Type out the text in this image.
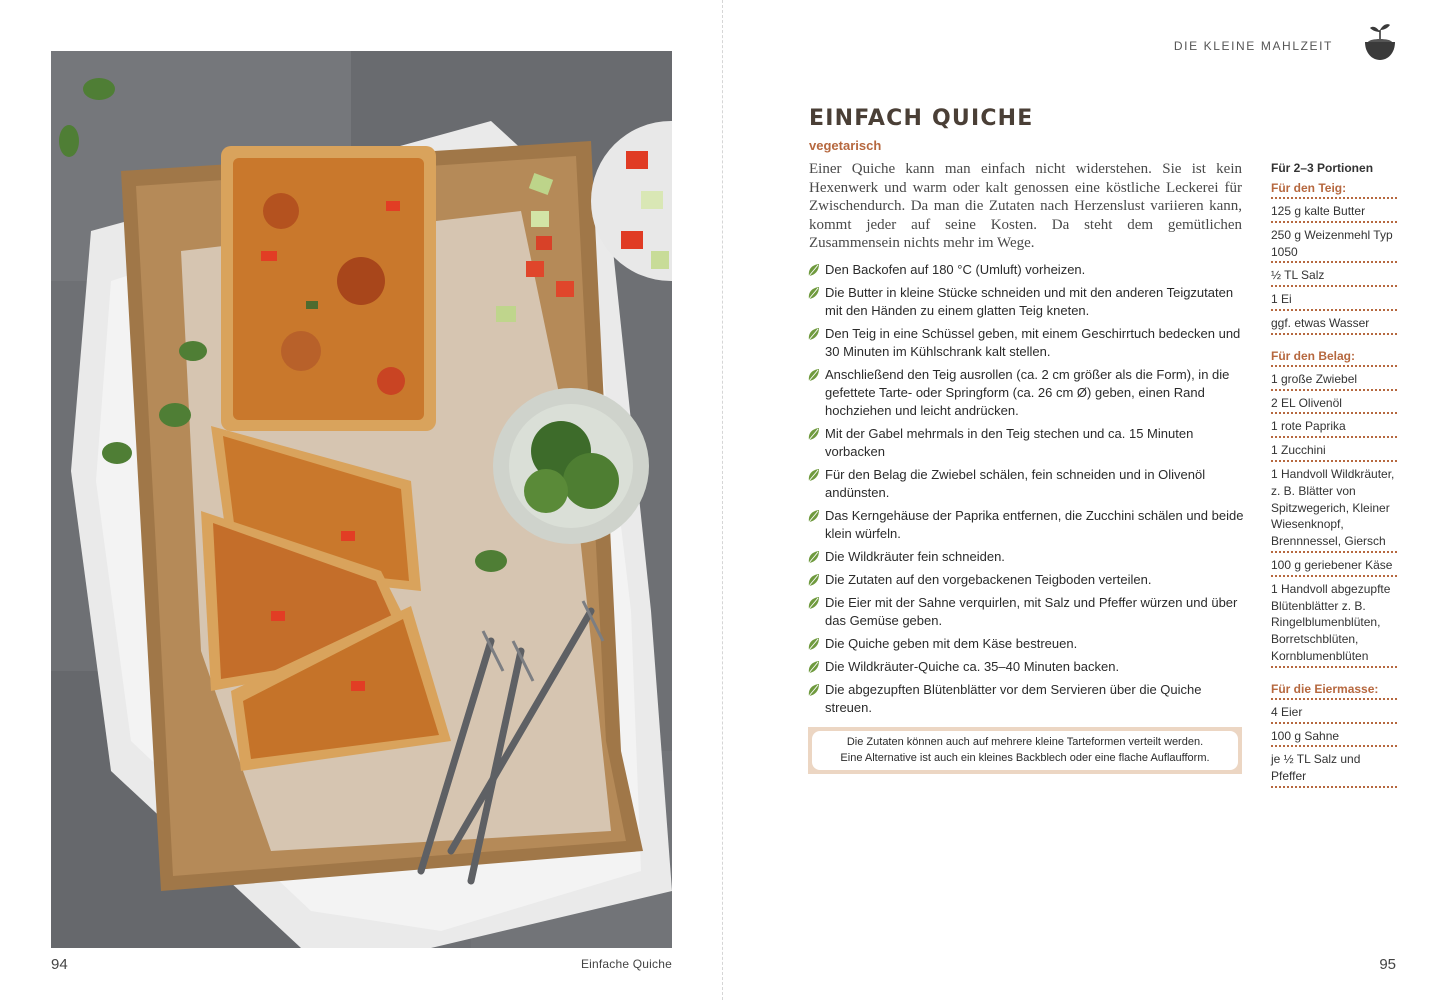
94	Einfache Quiche
DIE KLEINE MAHLZEIT
EINFACH QUICHE
vegetarisch

Einer Quiche kann man einfach nicht widerstehen. Sie ist kein Hexenwerk und warm oder kalt genossen eine köstliche Leckerei für Zwischendurch. Da man die Zutaten nach Herzenslust variieren kann, kommt jeder auf seine Kosten. Da steht dem gemütlichen Zusammensein nichts mehr im Wege.

Den Backofen auf 180 °C (Umluft) vorheizen.
Die Butter in kleine Stücke schneiden und mit den anderen Teigzutaten mit den Händen zu einem glatten Teig kneten.
Den Teig in eine Schüssel geben, mit einem Geschirrtuch bedecken und 30 Minuten im Kühlschrank kalt stellen.
Anschließend den Teig ausrollen (ca. 2 cm größer als die Form), in die gefettete Tarte- oder Springform (ca. 26 cm Ø) geben, einen Rand hochziehen und leicht andrücken.
Mit der Gabel mehrmals in den Teig stechen und ca. 15 Minuten vorbacken
Für den Belag die Zwiebel schälen, fein schneiden und in Olivenöl andünsten.
Das Kerngehäuse der Paprika entfernen, die Zucchini schälen und beide klein würfeln.
Die Wildkräuter fein schneiden.
Die Zutaten auf den vorgebackenen Teigboden verteilen.
Die Eier mit der Sahne verquirlen, mit Salz und Pfeffer würzen und über das Gemüse geben.
Die Quiche geben mit dem Käse bestreuen.
Die Wildkräuter-Quiche ca. 35–40 Minuten backen.
Die abgezupften Blütenblätter vor dem Servieren über die Quiche streuen.
Die Zutaten können auch auf mehrere kleine Tarteformen verteilt werden.
Eine Alternative ist auch ein kleines Backblech oder eine flache Auflaufform.
Für 2–3 Portionen
Für den Teig:
125 g kalte Butter
250 g Weizenmehl Typ 1050
½ TL Salz
1 Ei
ggf. etwas Wasser
Für den Belag:
1 große Zwiebel
2 EL Olivenöl
1 rote Paprika
1 Zucchini
1 Handvoll Wildkräuter, z. B. Blätter von Spitzwegerich, Kleiner Wiesenknopf, Brennnessel, Giersch
100 g geriebener Käse
1 Handvoll abgezupfte Blütenblätter z. B. Ringelblumenblüten, Borretschblüten, Kornblumenblüten
Für die Eiermasse:
4 Eier
100 g Sahne
je ½ TL Salz und Pfeffer
95
